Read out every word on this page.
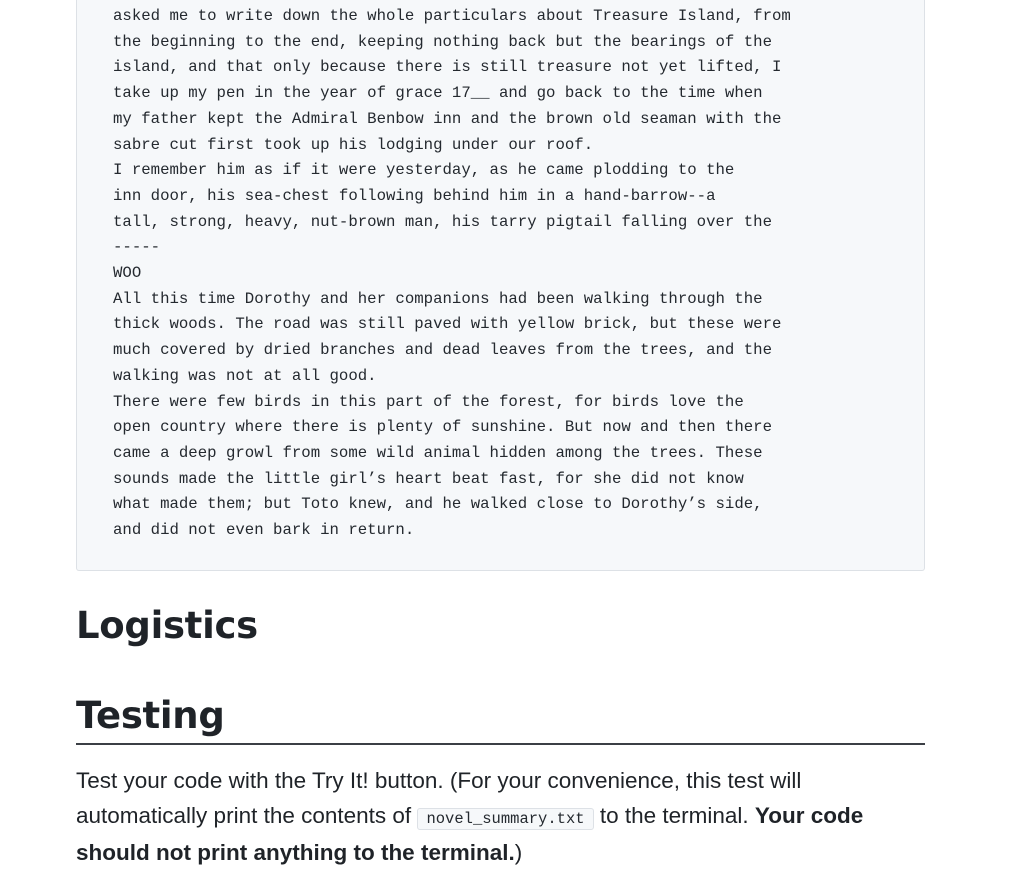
asked me to write down the whole particulars about Treasure Island, from
the beginning to the end, keeping nothing back but the bearings of the
island, and that only because there is still treasure not yet lifted, I
take up my pen in the year of grace 17__ and go back to the time when
my father kept the Admiral Benbow inn and the brown old seaman with the
sabre cut first took up his lodging under our roof.
I remember him as if it were yesterday, as he came plodding to the
inn door, his sea-chest following behind him in a hand-barrow--a
tall, strong, heavy, nut-brown man, his tarry pigtail falling over the
-----
WOO
All this time Dorothy and her companions had been walking through the
thick woods. The road was still paved with yellow brick, but these were
much covered by dried branches and dead leaves from the trees, and the
walking was not at all good.
There were few birds in this part of the forest, for birds love the
open country where there is plenty of sunshine. But now and then there
came a deep growl from some wild animal hidden among the trees. These
sounds made the little girl’s heart beat fast, for she did not know
what made them; but Toto knew, and he walked close to Dorothy’s side,
and did not even bark in return.
Logistics
Testing

Test your code with the Try It! button. (For your convenience, this test will automatically print the contents of novel_summary.txt to the terminal. Your code should not print anything to the terminal.)
